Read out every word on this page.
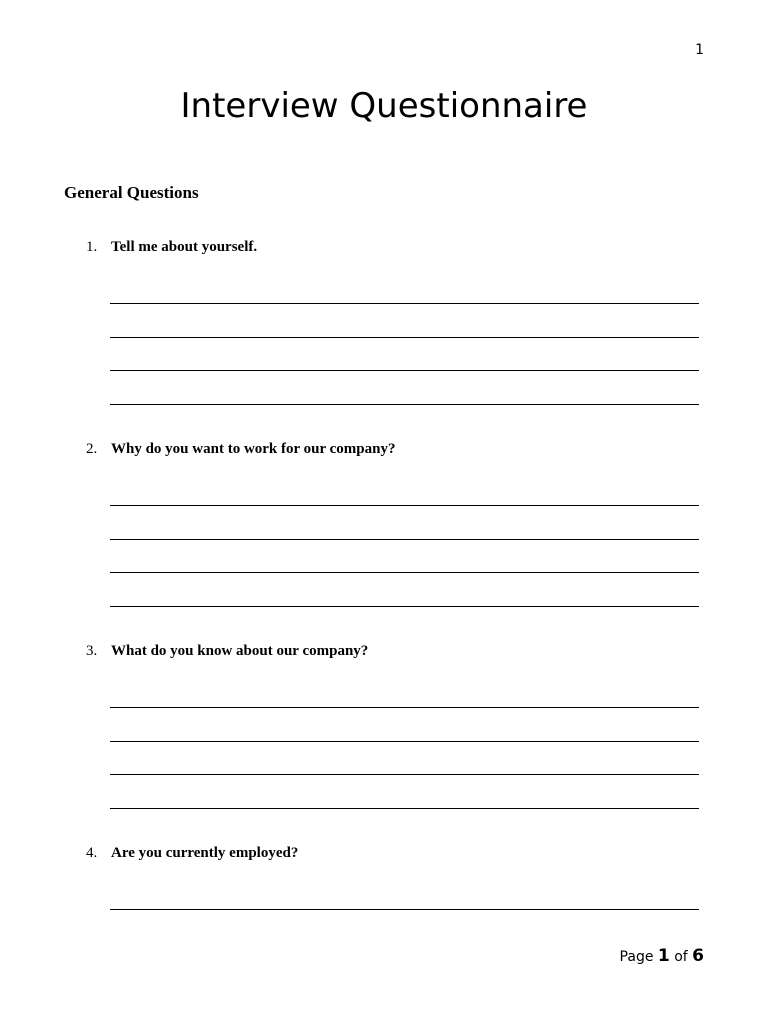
1
Interview Questionnaire
General Questions
1. Tell me about yourself.
2. Why do you want to work for our company?
3. What do you know about our company?
4. Are you currently employed?
Page 1 of 6
